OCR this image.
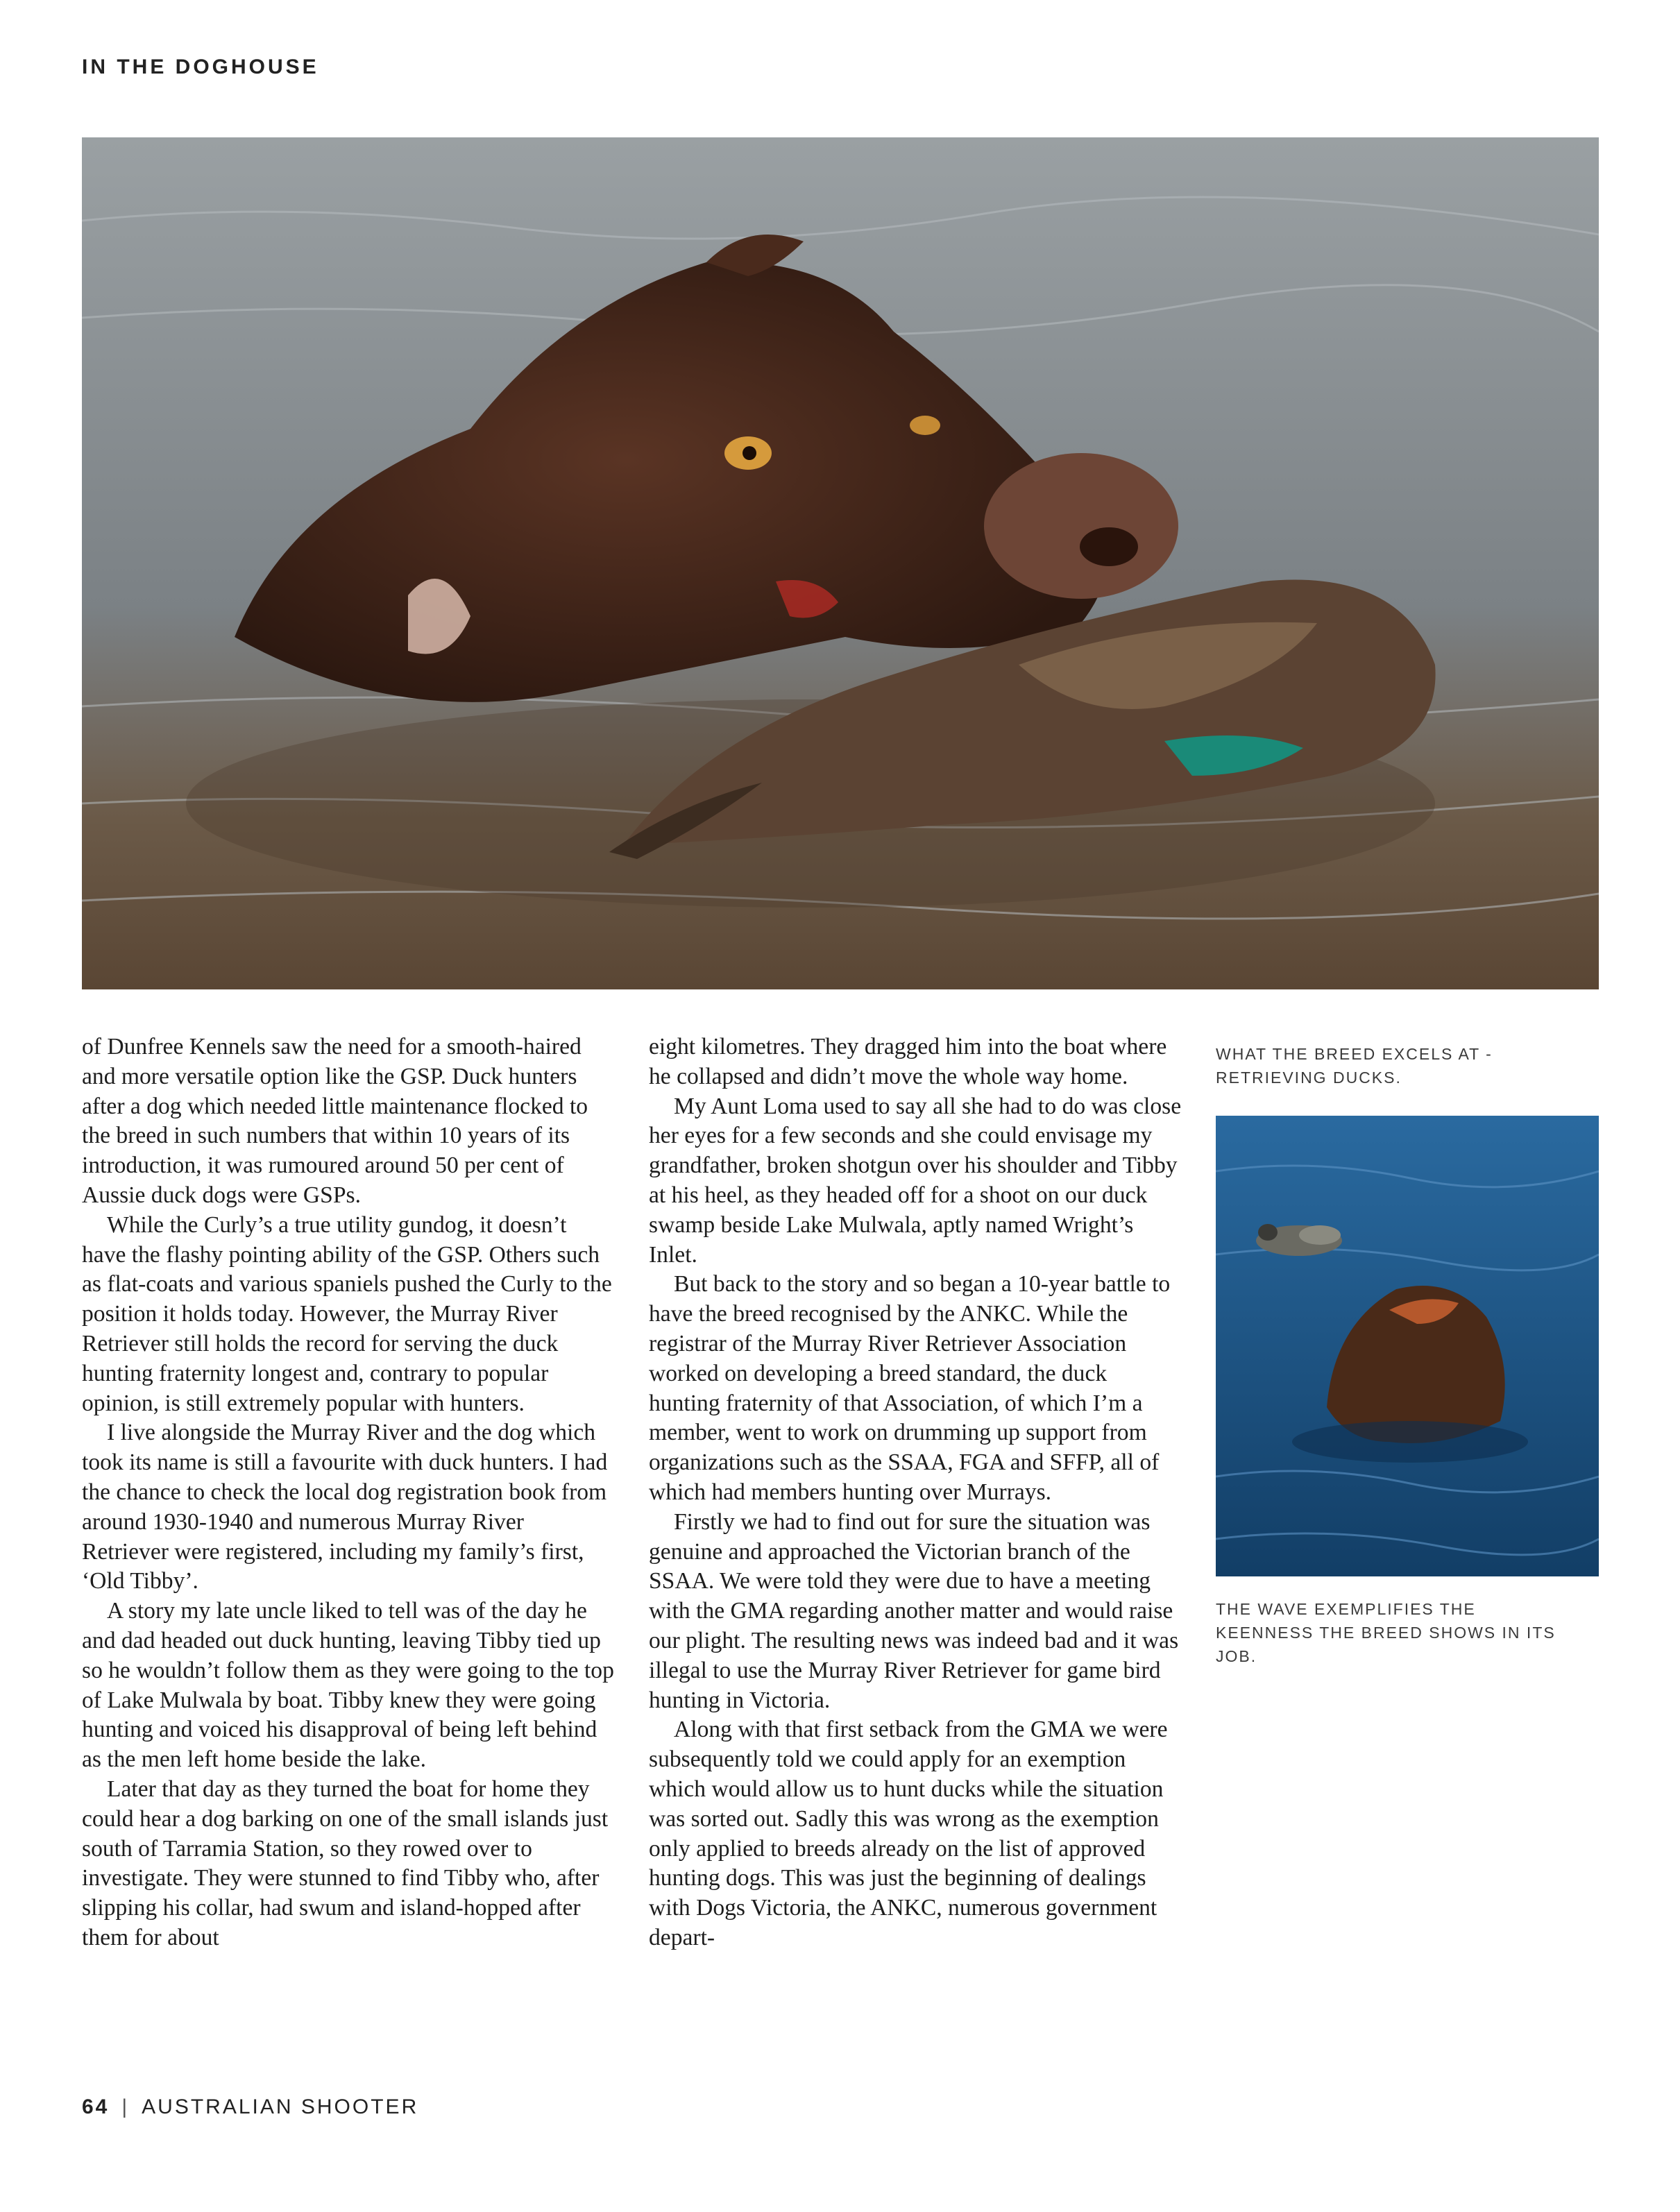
IN THE DOGHOUSE

of Dunfree Kennels saw the need for a smooth-haired and more versatile option like the GSP. Duck hunters after a dog which needed little maintenance flocked to the breed in such numbers that within 10 years of its introduction, it was rumoured around 50 per cent of Aussie duck dogs were GSPs.

While the Curly’s a true utility gundog, it doesn’t have the flashy pointing ability of the GSP. Others such as flat-coats and various spaniels pushed the Curly to the position it holds today. However, the Murray River Retriever still holds the record for serving the duck hunting fraternity longest and, contrary to popular opinion, is still extremely popular with hunters.

I live alongside the Murray River and the dog which took its name is still a favourite with duck hunters. I had the chance to check the local dog registration book from around 1930-1940 and numerous Murray River Retriever were registered, including my family’s first, ‘Old Tibby’.

A story my late uncle liked to tell was of the day he and dad headed out duck hunting, leaving Tibby tied up so he wouldn’t follow them as they were going to the top of Lake Mulwala by boat. Tibby knew they were going hunting and voiced his disapproval of being left behind as the men left home beside the lake.

Later that day as they turned the boat for home they could hear a dog barking on one of the small islands just south of Tarramia Station, so they rowed over to investigate. They were stunned to find Tibby who, after slipping his collar, had swum and island-hopped after them for about

eight kilometres. They dragged him into the boat where he collapsed and didn’t move the whole way home.

My Aunt Loma used to say all she had to do was close her eyes for a few seconds and she could envisage my grandfather, broken shotgun over his shoulder and Tibby at his heel, as they headed off for a shoot on our duck swamp beside Lake Mulwala, aptly named Wright’s Inlet.

But back to the story and so began a 10-year battle to have the breed recognised by the ANKC. While the registrar of the Murray River Retriever Association worked on developing a breed standard, the duck hunting fraternity of that Association, of which I’m a member, went to work on drumming up support from organizations such as the SSAA, FGA and SFFP, all of which had members hunting over Murrays.

Firstly we had to find out for sure the situation was genuine and approached the Victorian branch of the SSAA. We were told they were due to have a meeting with the GMA regarding another matter and would raise our plight. The resulting news was indeed bad and it was illegal to use the Murray River Retriever for game bird hunting in Victoria.

Along with that first setback from the GMA we were subsequently told we could apply for an exemption which would allow us to hunt ducks while the situation was sorted out. Sadly this was wrong as the exemption only applied to breeds already on the list of approved hunting dogs. This was just the beginning of dealings with Dogs Victoria, the ANKC, numerous government depart-

WHAT THE BREED EXCELS AT - RETRIEVING DUCKS.
THE WAVE EXEMPLIFIES THE KEENNESS THE BREED SHOWS IN ITS JOB.
64 | AUSTRALIAN SHOOTER
